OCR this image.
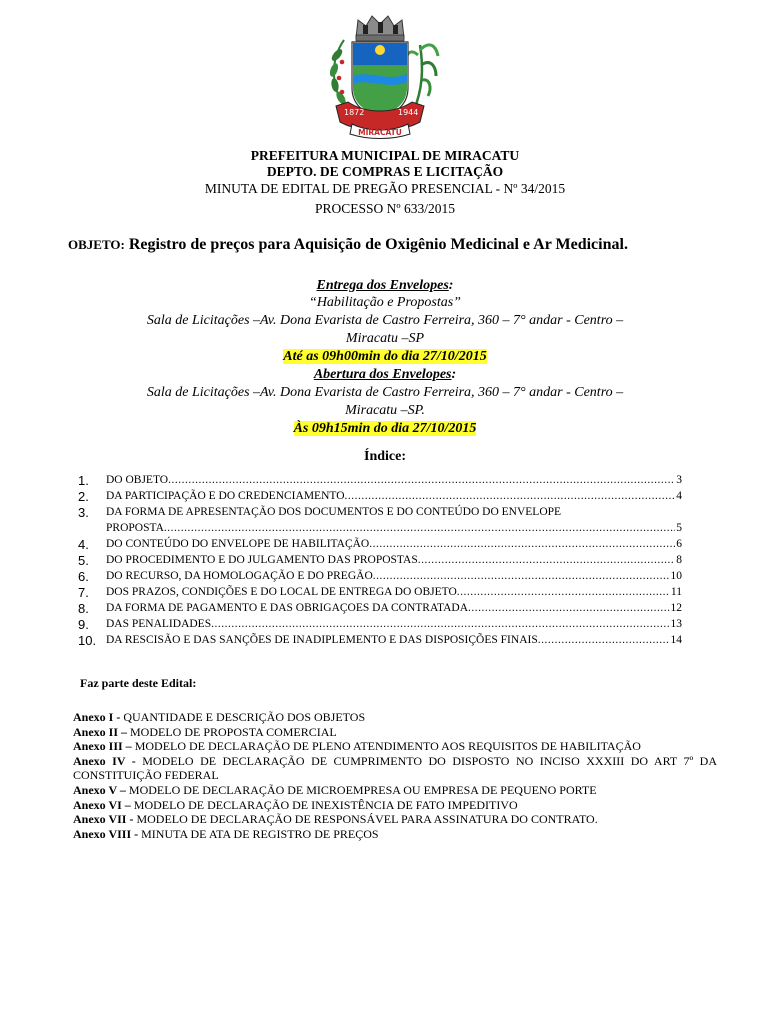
1872	1944
MIRACATU
PREFEITURA MUNICIPAL DE MIRACATU
DEPTO. DE COMPRAS E LICITAÇÃO
MINUTA DE EDITAL DE PREGÃO PRESENCIAL - Nº 34/2015
PROCESSO Nº 633/2015
OBJETO: Registro de preços para Aquisição de Oxigênio Medicinal e Ar Medicinal.
Entrega dos Envelopes:
“Habilitação e Propostas”
Sala de Licitações –Av. Dona Evarista de Castro Ferreira, 360 – 7° andar - Centro –
Miracatu –SP
Até as 09h00min do dia 27/10/2015
Abertura dos Envelopes:
Sala de Licitações –Av. Dona Evarista de Castro Ferreira, 360 – 7° andar - Centro –
Miracatu –SP.
Às 09h15min do dia 27/10/2015
Índice:
1.	DO OBJETO .....	3
2.	DA PARTICIPAÇÃO E DO CREDENCIAMENTO .....	4
3.	DA FORMA DE APRESENTAÇÃO DOS DOCUMENTOS E DO CONTEÚDO DO ENVELOPE
PROPOSTA .....	5
4.	DO CONTEÚDO DO ENVELOPE DE HABILITAÇÃO .....	6
5.	DO PROCEDIMENTO E DO JULGAMENTO DAS PROPOSTAS .....	8
6.	DO RECURSO, DA HOMOLOGAÇÃO E DO PREGÃO .....	10
7.	DOS PRAZOS, CONDIÇÕES E DO LOCAL DE ENTREGA DO OBJETO .....	11
8.	DA FORMA DE PAGAMENTO E DAS OBRIGAÇOES DA CONTRATADA .....	12
9.	DAS PENALIDADES .....	13
10. DA RESCISÃO E DAS SANÇÕES DE INADIPLEMENTO E DAS DISPOSIÇÕES FINAIS .....	14
Faz parte deste Edital:

Anexo I - QUANTIDADE E DESCRIÇÃO DOS OBJETOS

Anexo II – MODELO DE PROPOSTA COMERCIAL

Anexo III – MODELO DE DECLARAÇÃO DE PLENO ATENDIMENTO AOS REQUISITOS DE HABILITAÇÃO

Anexo IV - MODELO DE DECLARAÇÃO DE CUMPRIMENTO DO DISPOSTO NO INCISO XXXIII DO ART 7º DA CONSTITUIÇÃO FEDERAL

Anexo V – MODELO DE DECLARAÇÃO DE MICROEMPRESA OU EMPRESA DE PEQUENO PORTE

Anexo VI – MODELO DE DECLARAÇÃO DE INEXISTÊNCIA DE FATO IMPEDITIVO

Anexo VII - MODELO DE DECLARAÇÃO DE RESPONSÁVEL PARA ASSINATURA DO CONTRATO.

Anexo VIII - MINUTA DE ATA DE REGISTRO DE PREÇOS
